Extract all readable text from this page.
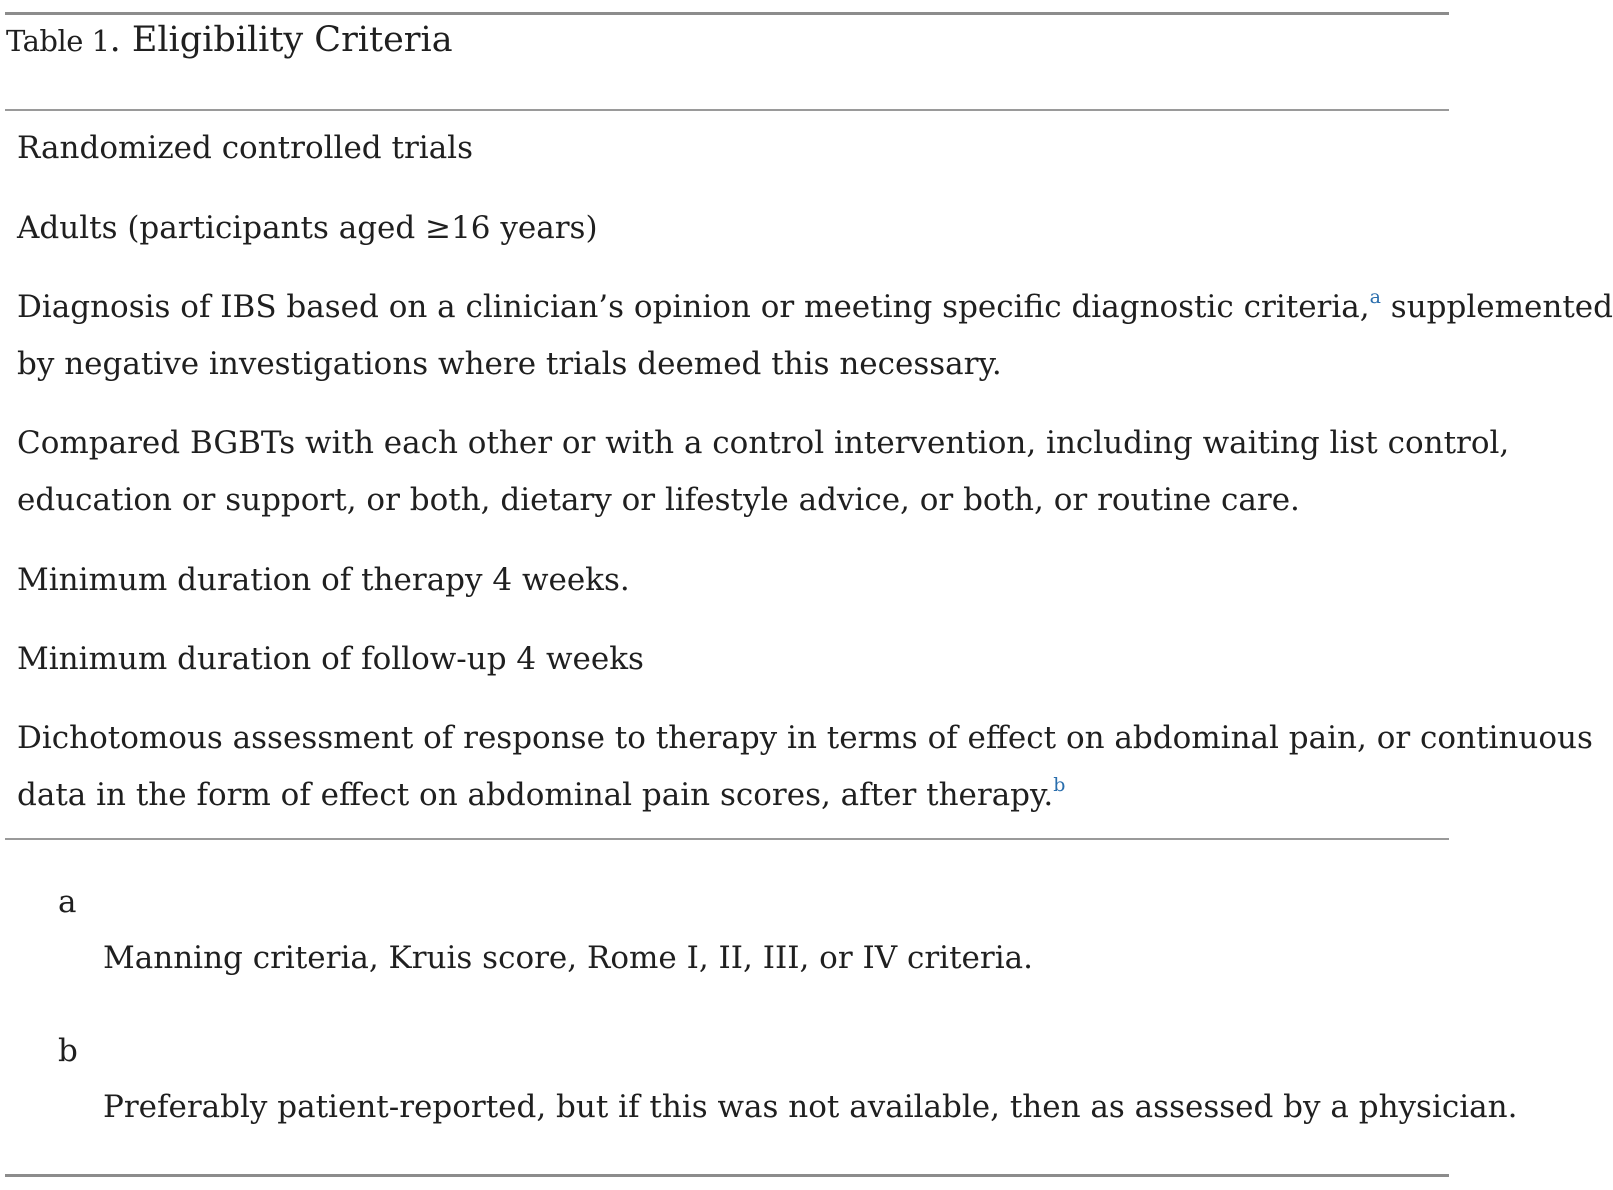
Table 1. Eligibility Criteria
Randomized controlled trials
Adults (participants aged ≥16 years)
Diagnosis of IBS based on a clinician’s opinion or meeting specific diagnostic criteria,$^a$ supplemented
by negative investigations where trials deemed this necessary.
Compared BGBTs with each other or with a control intervention, including waiting list control,
education or support, or both, dietary or lifestyle advice, or both, or routine care.
Minimum duration of therapy 4 weeks.
Minimum duration of follow-up 4 weeks
Dichotomous assessment of response to therapy in terms of effect on abdominal pain, or continuous
data in the form of effect on abdominal pain scores, after therapy.$^b$
a
Manning criteria, Kruis score, Rome I, II, III, or IV criteria.
b
Preferably patient-reported, but if this was not available, then as assessed by a physician.
